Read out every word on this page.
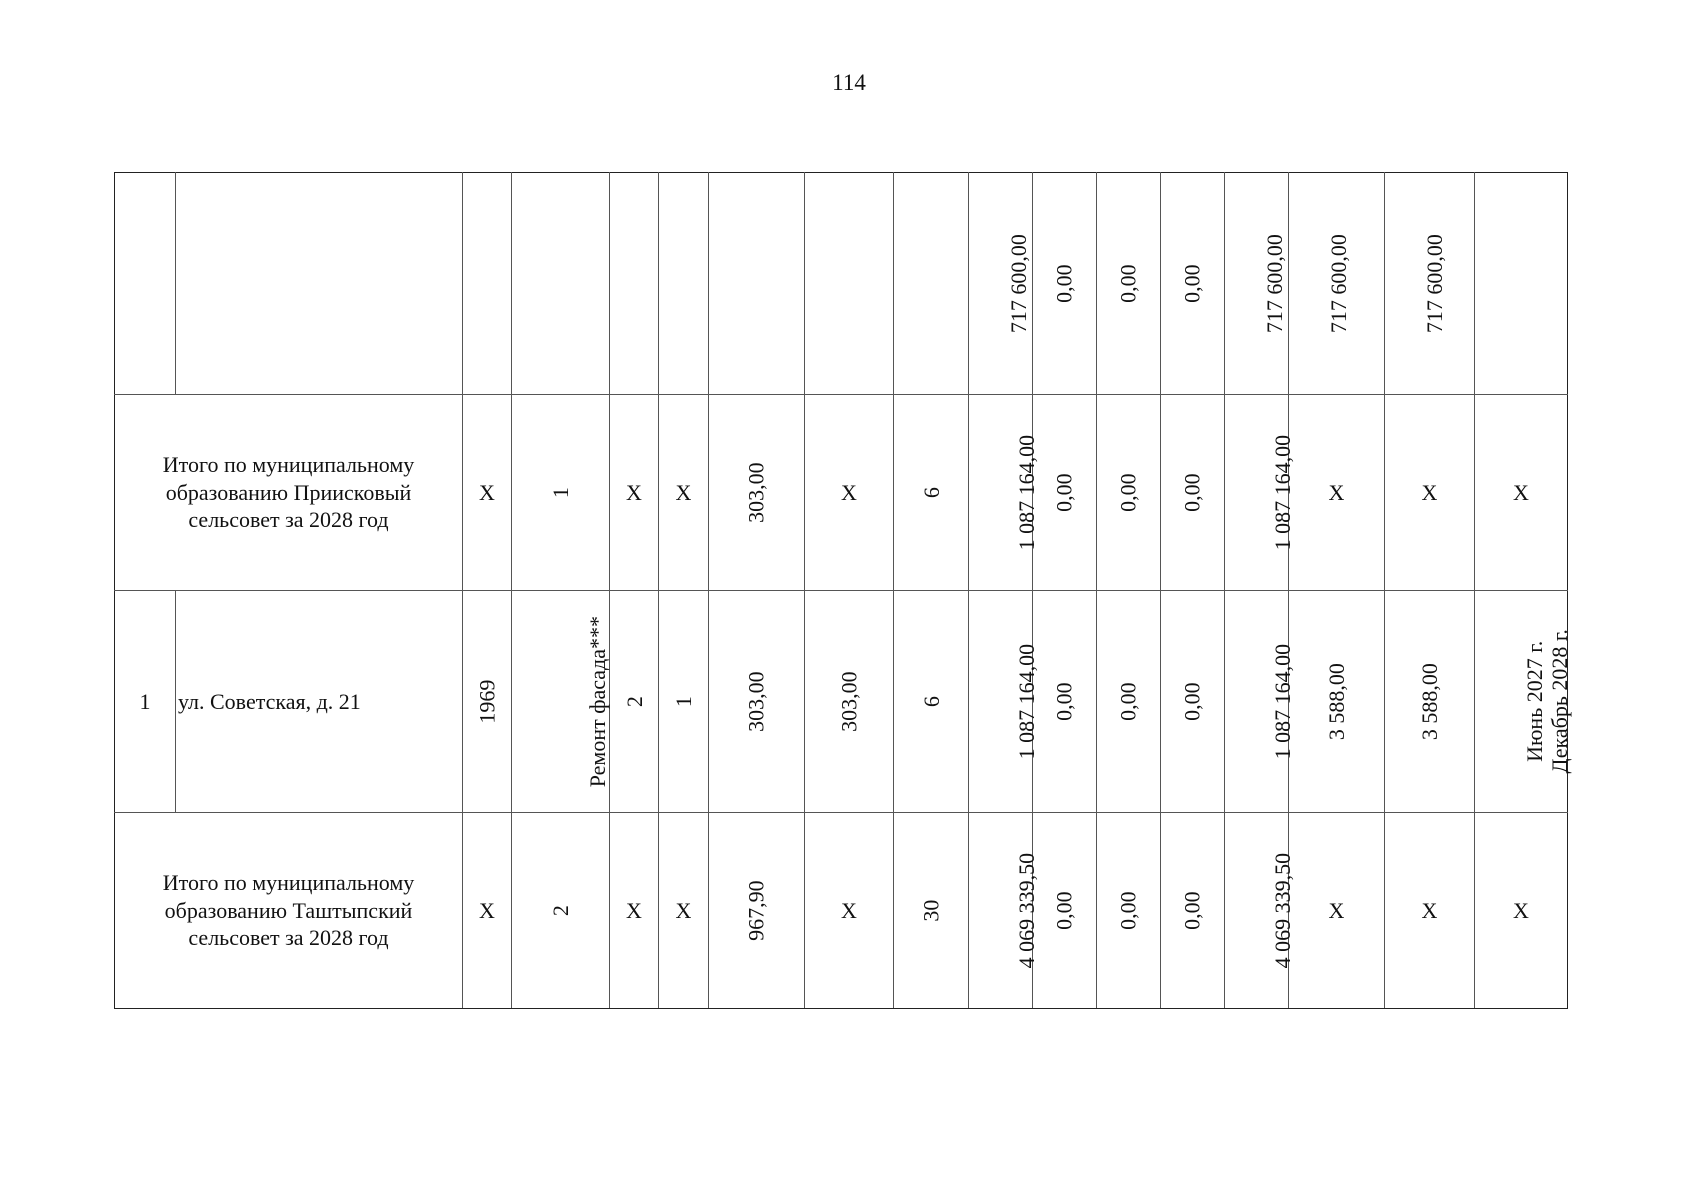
114
									717 600,00	0,00	0,00	0,00	717 600,00	717 600,00	717 600,00	

Итого по муниципальному образованию Приисковый сельсовет за 2028 год		Х	1	Х	Х	303,00	Х	6	1 087 164,00	0,00	0,00	0,00	1 087 164,00	Х	Х	Х

1	ул. Советская, д. 21	1969	Ремонт фасада***	2	1	303,00	303,00	6	1 087 164,00	0,00	0,00	0,00	1 087 164,00	3 588,00	3 588,00	Июнь 2027 г. Декабрь 2028 г.

Итого по муниципальному образованию Таштыпский сельсовет за 2028 год		Х	2	Х	Х	967,90	Х	30	4 069 339,50	0,00	0,00	0,00	4 069 339,50	Х	Х	Х
